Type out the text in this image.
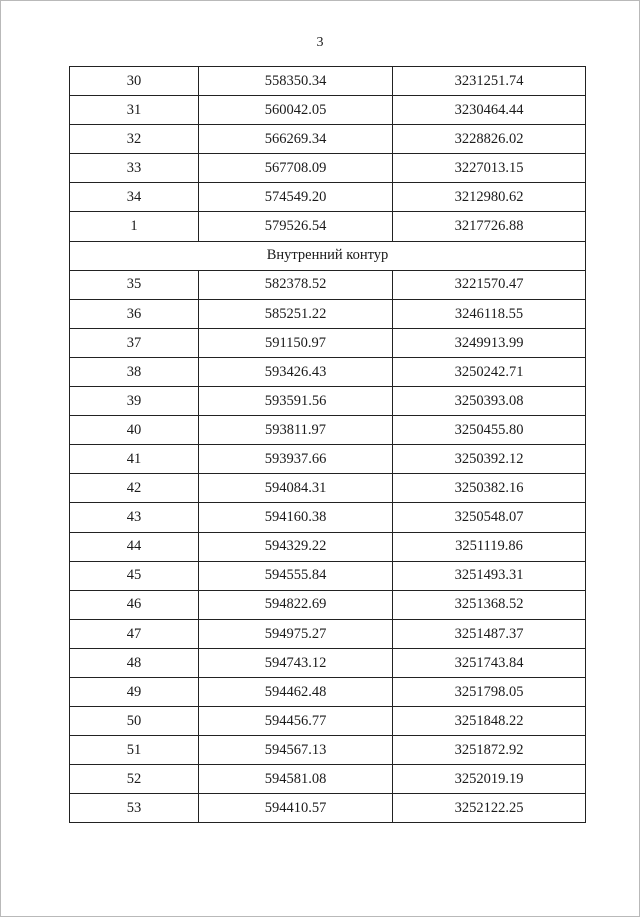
3
30	558350.34	3231251.74
31	560042.05	3230464.44
32	566269.34	3228826.02
33	567708.09	3227013.15
34	574549.20	3212980.62
1	579526.54	3217726.88
Внутренний контур		
35	582378.52	3221570.47
36	585251.22	3246118.55
37	591150.97	3249913.99
38	593426.43	3250242.71
39	593591.56	3250393.08
40	593811.97	3250455.80
41	593937.66	3250392.12
42	594084.31	3250382.16
43	594160.38	3250548.07
44	594329.22	3251119.86
45	594555.84	3251493.31
46	594822.69	3251368.52
47	594975.27	3251487.37
48	594743.12	3251743.84
49	594462.48	3251798.05
50	594456.77	3251848.22
51	594567.13	3251872.92
52	594581.08	3252019.19
53	594410.57	3252122.25
